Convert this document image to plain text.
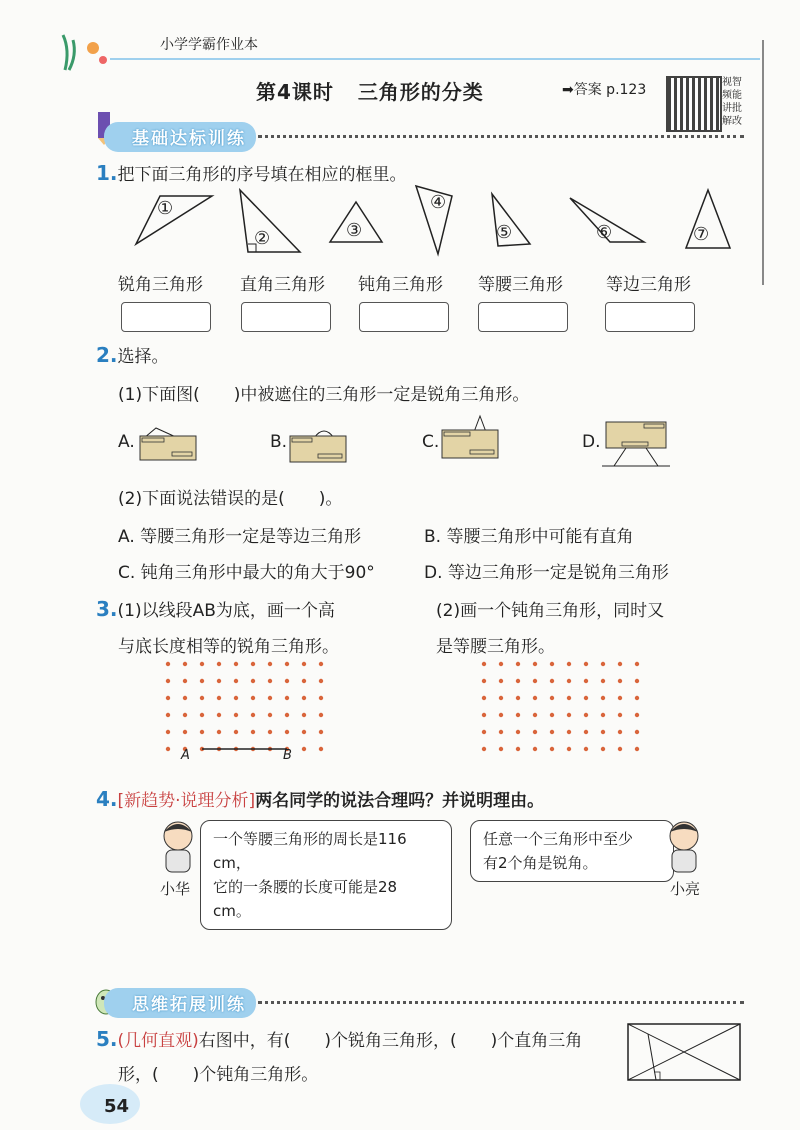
小学学霸作业本
第4课时 三角形的分类	➡答案 p.123	视智
频能
讲批
解改
基础达标训练
1.把下面三角形的序号填在相应的框里。
①
②	③
④
⑤	⑥	⑦
锐角三角形 直角三角形 钝角三角形 等腰三角形	等边三角形
2.选择。
(1)下面图(　　)中被遮住的三角形一定是锐角三角形。
A.	B.	C.	D.
(2)下面说法错误的是(　　)。
A. 等腰三角形一定是等边三角形	B. 等腰三角形中可能有直角
C. 钝角三角形中最大的角大于90°	D. 等边三角形一定是锐角三角形
3.(1)以线段AB为底，画一个高
与底长度相等的锐角三角形。
(2)画一个钝角三角形，同时又
是等腰三角形。
A	B
4.[新趋势·说理分析]两名同学的说法合理吗？并说明理由。
一个等腰三角形的周长是116 cm，
它的一条腰的长度可能是28 cm。
小华
任意一个三角形中至少
有2个角是锐角。
小亮
思维拓展训练
5.(几何直观)右图中，有(　　)个锐角三角形，(　　)个直角三角
形，(　　)个钝角三角形。
54
